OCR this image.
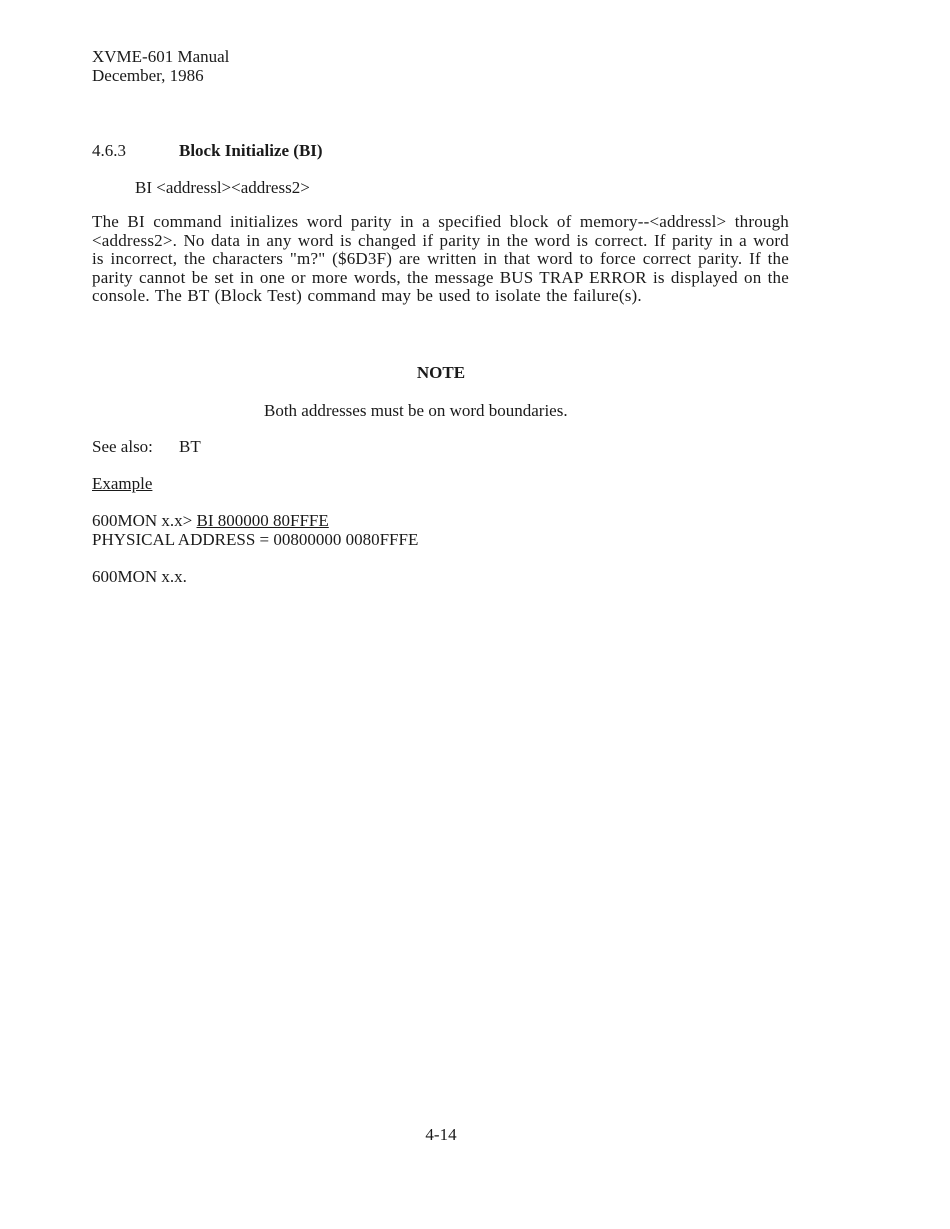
XVME-601 Manual
December, 1986
4.6.3	Block Initialize (BI)
BI <addressl><address2>
The BI command initializes word parity in a specified block of memory--<addressl> through <address2>. No data in any word is changed if parity in the word is correct. If parity in a word is incorrect, the characters "m?" ($6D3F) are written in that word to force correct parity. If the parity cannot be set in one or more words, the message BUS TRAP ERROR is displayed on the console. The BT (Block Test) command may be used to isolate the failure(s).
NOTE
Both addresses must be on word boundaries.
See also: BT
Example
600MON x.x> BI 800000 80FFFE
PHYSICAL ADDRESS = 00800000 0080FFFE
600MON x.x.
4-14
